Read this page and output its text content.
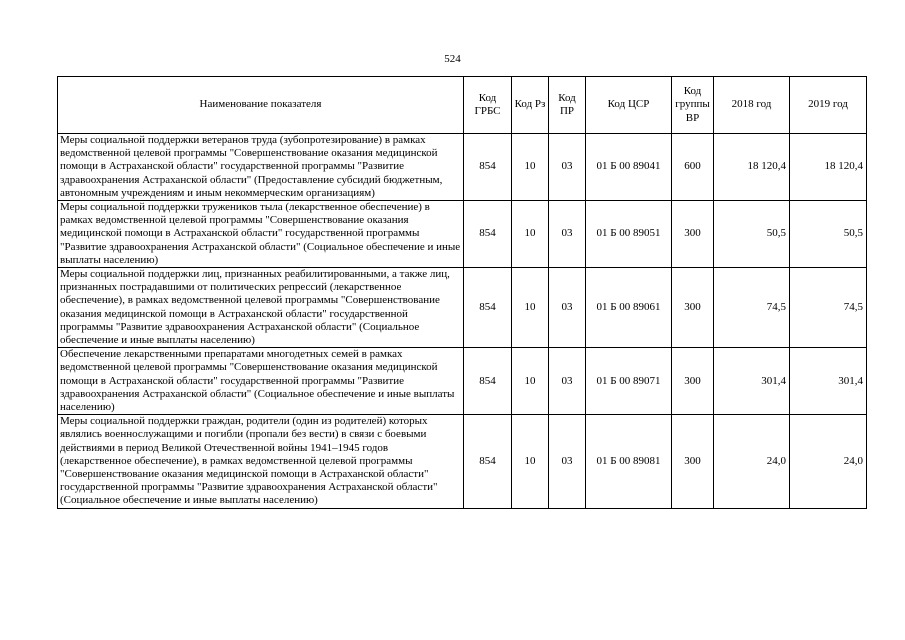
524
Наименование показателя	Код ГРБС	Код Рз	Код ПР	Код ЦСР	Код группы ВР	2018 год	2019 год
Меры социальной поддержки ветеранов труда (зубопротезирование) в рамках ведомственной целевой программы "Совершенствование оказания медицинской помощи в Астраханской области" государственной программы "Развитие здравоохранения Астраханской области" (Предоставление субсидий бюджетным, автономным учреждениям и иным некоммерческим организациям)	854	10	03	01 Б 00 89041	600	18 120,4	18 120,4
Меры социальной поддержки тружеников тыла (лекарственное обеспечение) в рамках ведомственной целевой программы "Совершенствование оказания медицинской помощи в Астраханской области" государственной программы "Развитие здравоохранения Астраханской области" (Социальное обеспечение и иные выплаты населению)	854	10	03	01 Б 00 89051	300	50,5	50,5
Меры социальной поддержки лиц, признанных реабилитированными, а также лиц, признанных пострадавшими от политических репрессий (лекарственное обеспечение), в рамках ведомственной целевой программы "Совершенствование оказания медицинской помощи в Астраханской области" государственной программы "Развитие здравоохранения Астраханской области" (Социальное обеспечение и иные выплаты населению)	854	10	03	01 Б 00 89061	300	74,5	74,5
Обеспечение лекарственными препаратами многодетных семей в рамках ведомственной целевой программы "Совершенствование оказания медицинской помощи в Астраханской области" государственной программы "Развитие здравоохранения Астраханской области" (Социальное обеспечение и иные выплаты населению)	854	10	03	01 Б 00 89071	300	301,4	301,4
Меры социальной поддержки граждан, родители (один из родителей) которых являлись военнослужащими и погибли (пропали без вести) в связи с боевыми действиями в период Великой Отечественной войны 1941–1945 годов (лекарственное обеспечение), в рамках ведомственной целевой программы "Совершенствование оказания медицинской помощи в Астраханской области" государственной программы "Развитие здравоохранения Астраханской области" (Социальное обеспечение и иные выплаты населению)	854	10	03	01 Б 00 89081	300	24,0	24,0
